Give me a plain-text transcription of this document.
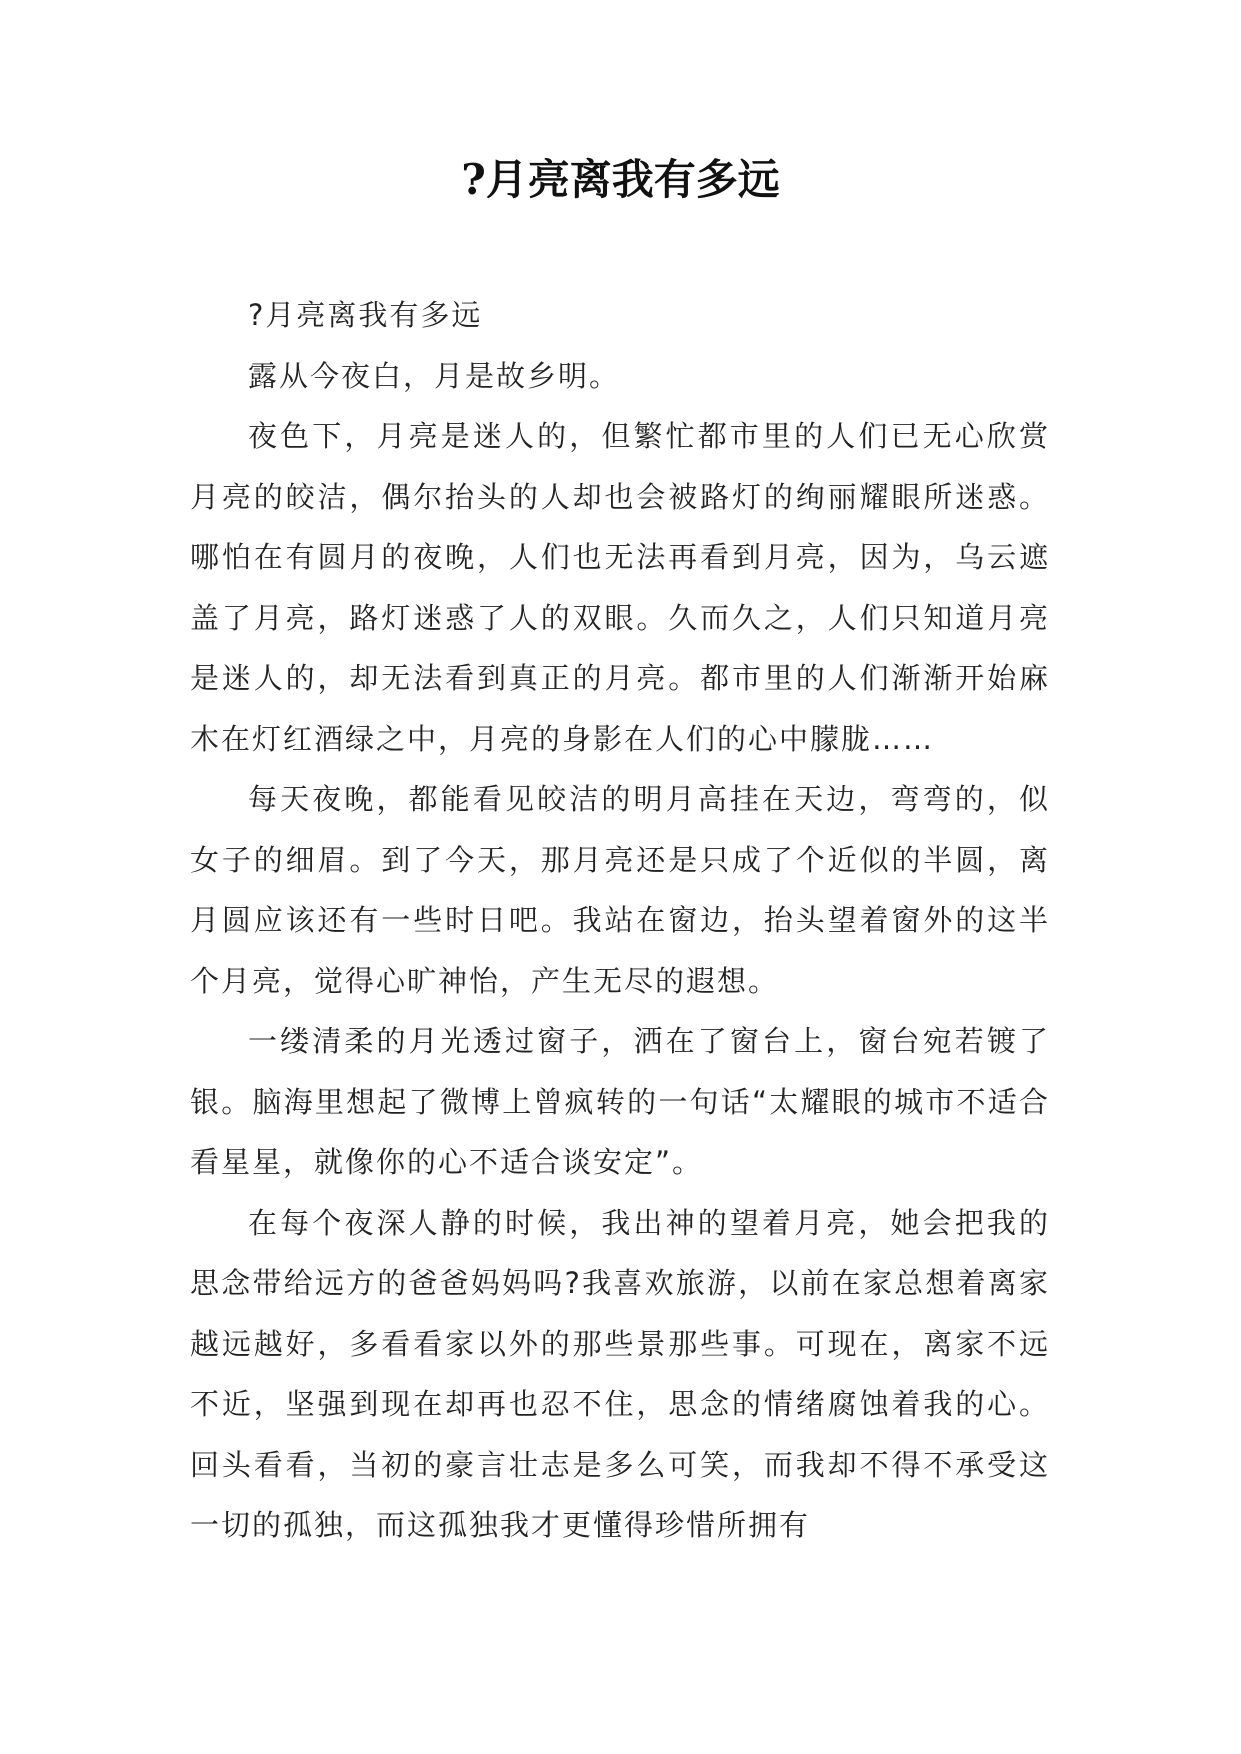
?月亮离我有多远

?月亮离我有多远

露从今夜白，月是故乡明。

夜色下，月亮是迷人的，但繁忙都市里的人们已无心欣赏月亮的皎洁，偶尔抬头的人却也会被路灯的绚丽耀眼所迷惑。哪怕在有圆月的夜晚，人们也无法再看到月亮，因为，乌云遮盖了月亮，路灯迷惑了人的双眼。久而久之，人们只知道月亮是迷人的，却无法看到真正的月亮。都市里的人们渐渐开始麻木在灯红酒绿之中，月亮的身影在人们的心中朦胧……

每天夜晚，都能看见皎洁的明月高挂在天边，弯弯的，似女子的细眉。到了今天，那月亮还是只成了个近似的半圆，离月圆应该还有一些时日吧。我站在窗边，抬头望着窗外的这半个月亮，觉得心旷神怡，产生无尽的遐想。

一缕清柔的月光透过窗子，洒在了窗台上，窗台宛若镀了银。脑海里想起了微博上曾疯转的一句话“太耀眼的城市不适合看星星，就像你的心不适合谈安定”。

在每个夜深人静的时候，我出神的望着月亮，她会把我的思念带给远方的爸爸妈妈吗?我喜欢旅游，以前在家总想着离家越远越好，多看看家以外的那些景那些事。可现在，离家不远不近，坚强到现在却再也忍不住，思念的情绪腐蚀着我的心。回头看看，当初的豪言壮志是多么可笑，而我却不得不承受这一切的孤独，而这孤独我才更懂得珍惜所拥有
